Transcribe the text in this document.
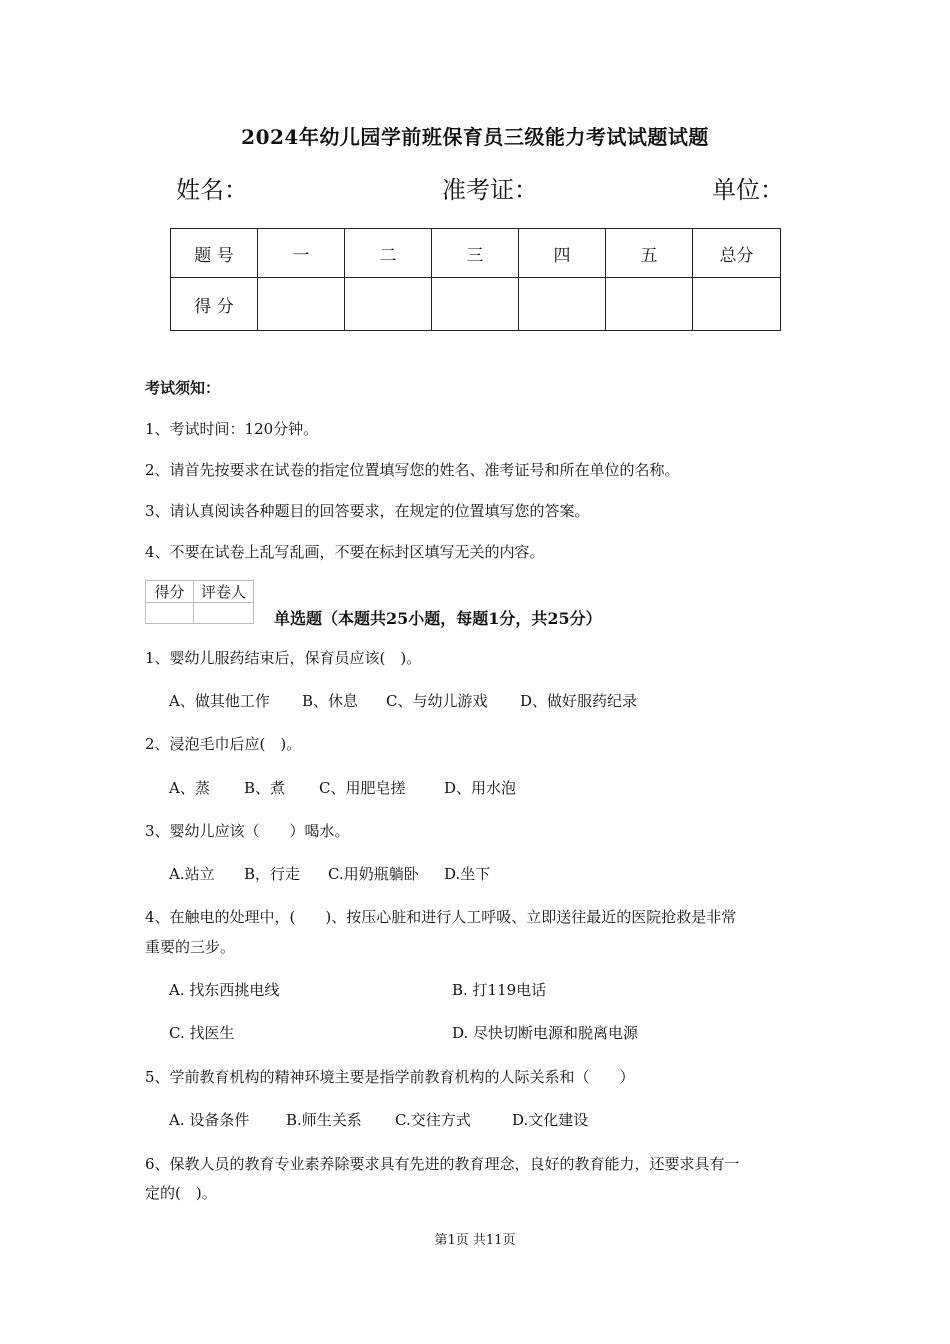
2024年幼儿园学前班保育员三级能力考试试题试题
姓名：	准考证：	单位：
题 号	一	二	三	四	五	总分
得 分						
考试须知：
1、考试时间：120分钟。
2、请首先按要求在试卷的指定位置填写您的姓名、准考证号和所在单位的名称。
3、请认真阅读各种题目的回答要求，在规定的位置填写您的答案。
4、不要在试卷上乱写乱画，不要在标封区填写无关的内容。
得分	评卷人

单选题（本题共25小题，每题1分，共25分）
1、婴幼儿服药结束后，保育员应该(　)。
A、做其他工作 B、休息 C、与幼儿游戏 D、做好服药纪录
2、浸泡毛巾后应(　)。
A、蒸 B、煮 C、用肥皂搓	D、用水泡
3、婴幼儿应该（　　）喝水。
A.站立 B，行走 C.用奶瓶躺卧 D.坐下
4、在触电的处理中，(　　)、按压心脏和进行人工呼吸、立即送往最近的医院抢救是非常
重要的三步。
A. 找东西挑电线	B. 打119电话
C. 找医生	D. 尽快切断电源和脱离电源
5、学前教育机构的精神环境主要是指学前教育机构的人际关系和（　　）
A. 设备条件 B.师生关系 C.交往方式	D.文化建设
6、保教人员的教育专业素养除要求具有先进的教育理念，良好的教育能力，还要求具有一
定的(　)。
第1页 共11页
